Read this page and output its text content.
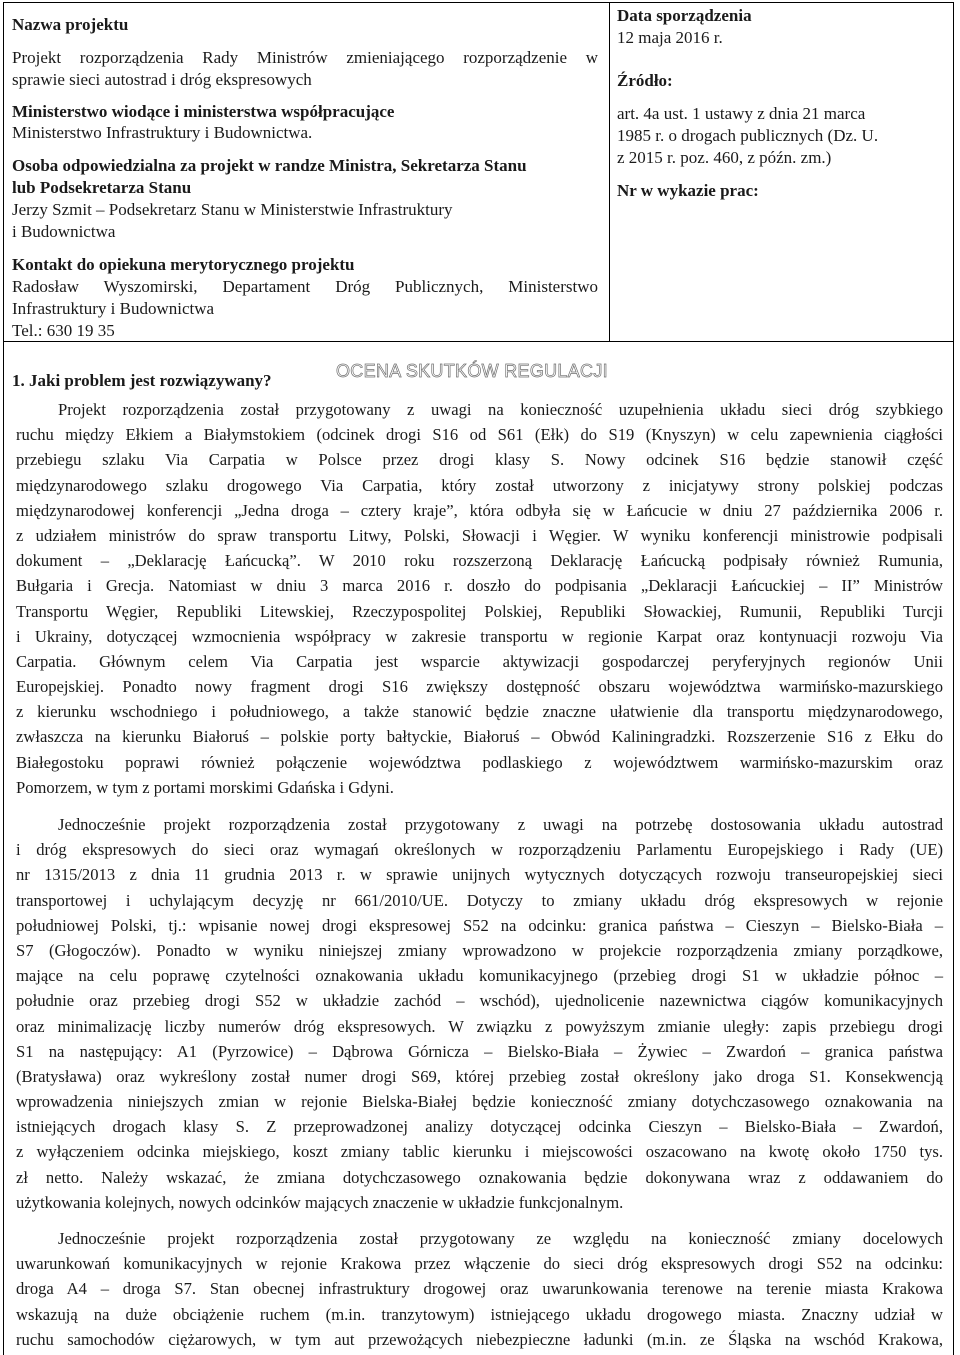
Nazwa projektu

Projekt rozporządzenia Rady Ministrów zmieniającego rozporządzenie w

sprawie sieci autostrad i dróg ekspresowych

Ministerstwo wiodące i ministerstwa współpracujące

Ministerstwo Infrastruktury i Budownictwa.

Osoba odpowiedzialna za projekt w randze Ministra, Sekretarza Stanu

lub Podsekretarza Stanu

Jerzy Szmit – Podsekretarz Stanu w Ministerstwie Infrastruktury

i Budownictwa

Kontakt do opiekuna merytorycznego projektu

Radosław Wyszomirski, Departament Dróg Publicznych, Ministerstwo

Infrastruktury i Budownictwa

Tel.: 630 19 35

Data sporządzenia

12 maja 2016 r.

Źródło:

art. 4a ust. 1 ustawy z dnia 21 marca

1985 r. o drogach publicznych (Dz. U.

z 2015 r. poz. 460, z późn. zm.)

Nr w wykazie prac:

OCENA SKUTKÓW REGULACJI

1. Jaki problem jest rozwiązywany?

Projekt rozporządzenia został przygotowany z uwagi na konieczność uzupełnienia układu sieci dróg szybkiego
ruchu między Ełkiem a Białymstokiem (odcinek drogi S16 od S61 (Ełk) do S19 (Knyszyn) w celu zapewnienia ciągłości
przebiegu szlaku Via Carpatia w Polsce przez drogi klasy S. Nowy odcinek S16 będzie stanowił część
międzynarodowego szlaku drogowego Via Carpatia, który został utworzony z inicjatywy strony polskiej podczas
międzynarodowej konferencji „Jedna droga – cztery kraje”, która odbyła się w Łańcucie w dniu 27 października 2006 r.
z udziałem ministrów do spraw transportu Litwy, Polski, Słowacji i Węgier. W wyniku konferencji ministrowie podpisali
dokument – „Deklarację Łańcucką”. W 2010 roku rozszerzoną Deklarację Łańcucką podpisały również Rumunia,
Bułgaria i Grecja. Natomiast w dniu 3 marca 2016 r. doszło do podpisania „Deklaracji Łańcuckiej – II” Ministrów
Transportu Węgier, Republiki Litewskiej, Rzeczypospolitej Polskiej, Republiki Słowackiej, Rumunii, Republiki Turcji
i Ukrainy, dotyczącej wzmocnienia współpracy w zakresie transportu w regionie Karpat oraz kontynuacji rozwoju Via
Carpatia. Głównym celem Via Carpatia jest wsparcie aktywizacji gospodarczej peryferyjnych regionów Unii
Europejskiej. Ponadto nowy fragment drogi S16 zwiększy dostępność obszaru województwa warmińsko-mazurskiego
z kierunku wschodniego i południowego, a także stanowić będzie znaczne ułatwienie dla transportu międzynarodowego,
zwłaszcza na kierunku Białoruś – polskie porty bałtyckie, Białoruś – Obwód Kaliningradzki. Rozszerzenie S16 z Ełku do
Białegostoku poprawi również połączenie województwa podlaskiego z województwem warmińsko-mazurskim oraz
Pomorzem, w tym z portami morskimi Gdańska i Gdyni.
Jednocześnie projekt rozporządzenia został przygotowany z uwagi na potrzebę dostosowania układu autostrad
i dróg ekspresowych do sieci oraz wymagań określonych w rozporządzeniu Parlamentu Europejskiego i Rady (UE)
nr 1315/2013 z dnia 11 grudnia 2013 r. w sprawie unijnych wytycznych dotyczących rozwoju transeuropejskiej sieci
transportowej i uchylającym decyzję nr 661/2010/UE. Dotyczy to zmiany układu dróg ekspresowych w rejonie
południowej Polski, tj.: wpisanie nowej drogi ekspresowej S52 na odcinku: granica państwa – Cieszyn – Bielsko-Biała –
S7 (Głogoczów). Ponadto w wyniku niniejszej zmiany wprowadzono w projekcie rozporządzenia zmiany porządkowe,
mające na celu poprawę czytelności oznakowania układu komunikacyjnego (przebieg drogi S1 w układzie północ –
południe oraz przebieg drogi S52 w układzie zachód – wschód), ujednolicenie nazewnictwa ciągów komunikacyjnych
oraz minimalizację liczby numerów dróg ekspresowych. W związku z powyższym zmianie uległy: zapis przebiegu drogi
S1 na następujący: A1 (Pyrzowice) – Dąbrowa Górnicza – Bielsko-Biała – Żywiec – Zwardoń – granica państwa
(Bratysława) oraz wykreślony został numer drogi S69, której przebieg został określony jako droga S1. Konsekwencją
wprowadzenia niniejszych zmian w rejonie Bielska-Białej będzie konieczność zmiany dotychczasowego oznakowania na
istniejących drogach klasy S. Z przeprowadzonej analizy dotyczącej odcinka Cieszyn – Bielsko-Biała – Zwardoń,
z wyłączeniem odcinka miejskiego, koszt zmiany tablic kierunku i miejscowości oszacowano na kwotę około 1750 tys.
zł netto. Należy wskazać, że zmiana dotychczasowego oznakowania będzie dokonywana wraz z oddawaniem do
użytkowania kolejnych, nowych odcinków mających znaczenie w układzie funkcjonalnym.
Jednocześnie projekt rozporządzenia został przygotowany ze względu na konieczność zmiany docelowych
uwarunkowań komunikacyjnych w rejonie Krakowa przez włączenie do sieci dróg ekspresowych drogi S52 na odcinku:
droga A4 – droga S7. Stan obecnej infrastruktury drogowej oraz uwarunkowania terenowe na terenie miasta Krakowa
wskazują na duże obciążenie ruchem (m.in. tranzytowym) istniejącego układu drogowego miasta. Znaczny udział w
ruchu samochodów ciężarowych, w tym aut przewożących niebezpieczne ładunki (m.in. ze Śląska na wschód Krakowa,
